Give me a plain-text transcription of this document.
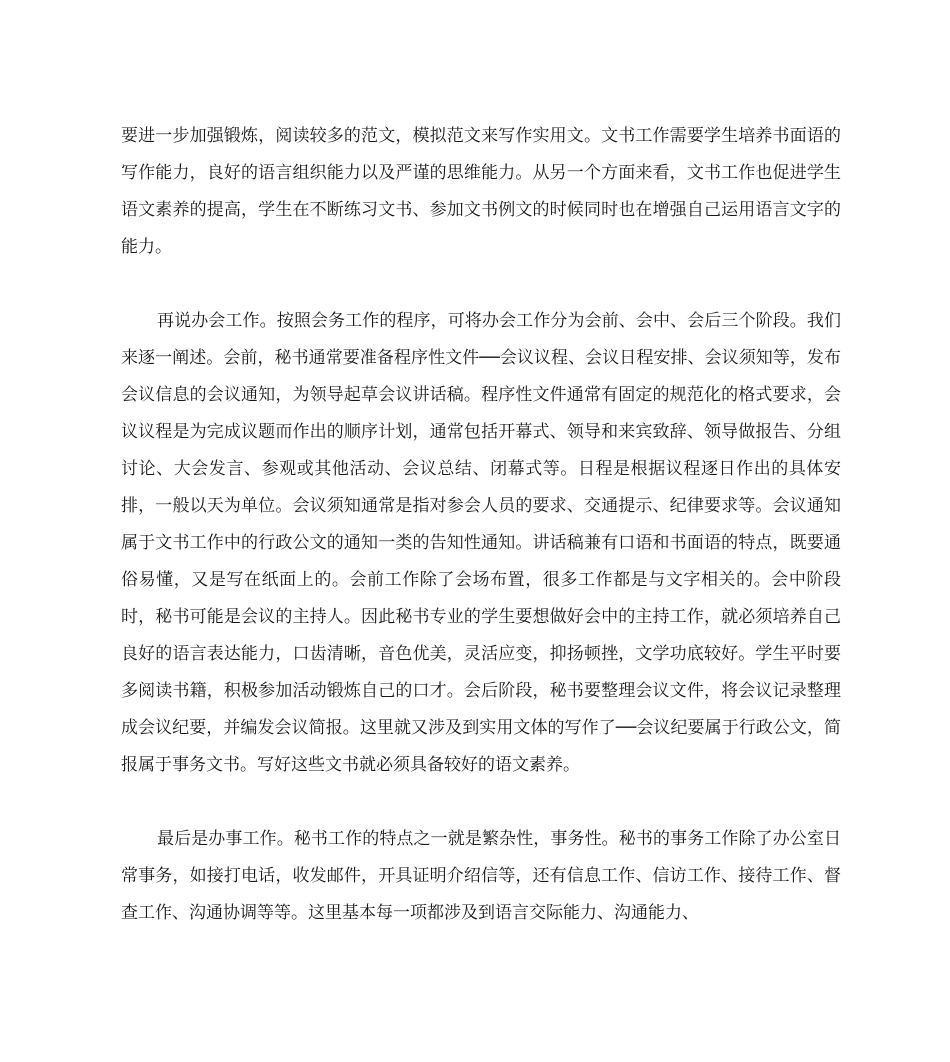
要进一步加强锻炼，阅读较多的范文，模拟范文来写作实用文。文书工作需要学生培养书面语的写作能力，良好的语言组织能力以及严谨的思维能力。从另一个方面来看，文书工作也促进学生语文素养的提高，学生在不断练习文书、参加文书例文的时候同时也在增强自己运用语言文字的能力。

再说办会工作。按照会务工作的程序，可将办会工作分为会前、会中、会后三个阶段。我们来逐一阐述。会前，秘书通常要准备程序性文件──会议议程、会议日程安排、会议须知等，发布会议信息的会议通知，为领导起草会议讲话稿。程序性文件通常有固定的规范化的格式要求，会议议程是为完成议题而作出的顺序计划，通常包括开幕式、领导和来宾致辞、领导做报告、分组讨论、大会发言、参观或其他活动、会议总结、闭幕式等。日程是根据议程逐日作出的具体安排，一般以天为单位。会议须知通常是指对参会人员的要求、交通提示、纪律要求等。会议通知属于文书工作中的行政公文的通知一类的告知性通知。讲话稿兼有口语和书面语的特点，既要通俗易懂，又是写在纸面上的。会前工作除了会场布置，很多工作都是与文字相关的。会中阶段时，秘书可能是会议的主持人。因此秘书专业的学生要想做好会中的主持工作，就必须培养自己良好的语言表达能力，口齿清晰，音色优美，灵活应变，抑扬顿挫，文学功底较好。学生平时要多阅读书籍，积极参加活动锻炼自己的口才。会后阶段，秘书要整理会议文件，将会议记录整理成会议纪要，并编发会议简报。这里就又涉及到实用文体的写作了──会议纪要属于行政公文，简报属于事务文书。写好这些文书就必须具备较好的语文素养。

最后是办事工作。秘书工作的特点之一就是繁杂性，事务性。秘书的事务工作除了办公室日常事务，如接打电话，收发邮件，开具证明介绍信等，还有信息工作、信访工作、接待工作、督查工作、沟通协调等等。这里基本每一项都涉及到语言交际能力、沟通能力、
